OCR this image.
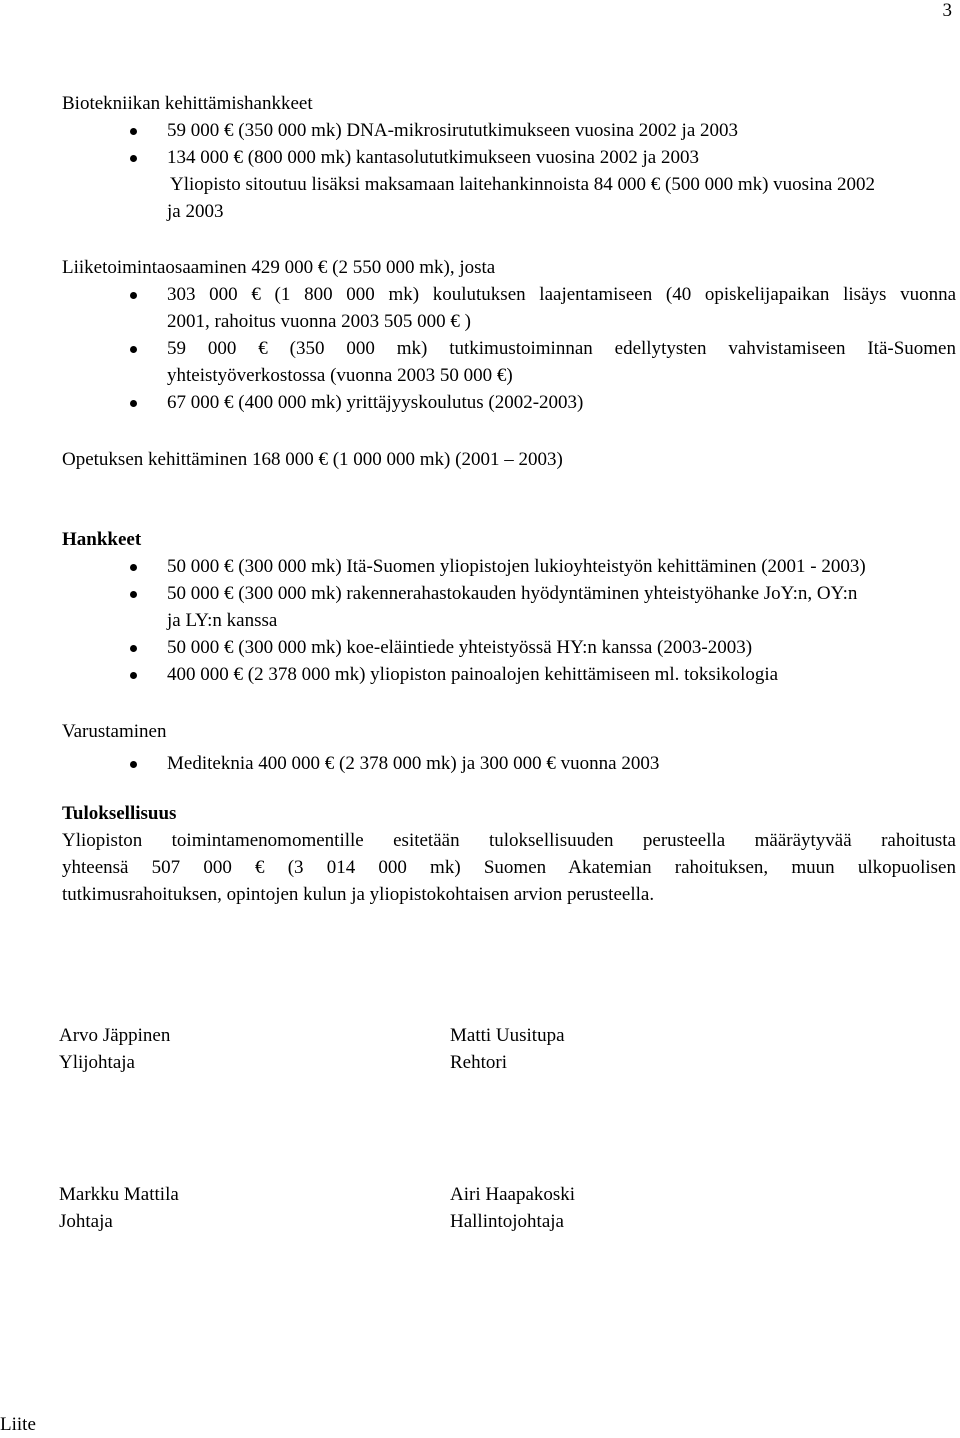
3
Biotekniikan kehittämishankkeet
59 000 € (350 000 mk) DNA-mikrosirututkimukseen vuosina 2002 ja 2003
134 000 € (800 000 mk) kantasolututkimukseen vuosina 2002 ja 2003
Yliopisto sitoutuu lisäksi maksamaan laitehankinnoista 84 000 € (500 000 mk) vuosina 2002
ja 2003
Liiketoimintaosaaminen 429 000 € (2 550 000 mk), josta
303 000 € (1 800 000 mk) koulutuksen laajentamiseen (40 opiskelijapaikan lisäys vuonna
2001, rahoitus vuonna 2003 505 000 € )
59 000 € (350 000 mk) tutkimustoiminnan edellytysten vahvistamiseen Itä-Suomen
yhteistyöverkostossa (vuonna 2003 50 000 €)
67 000 € (400 000 mk) yrittäjyyskoulutus (2002-2003)
Opetuksen kehittäminen 168 000 € (1 000 000 mk) (2001 – 2003)
Hankkeet
50 000 € (300 000 mk) Itä-Suomen yliopistojen lukioyhteistyön kehittäminen (2001 - 2003)
50 000 € (300 000 mk) rakennerahastokauden hyödyntäminen yhteistyöhanke JoY:n, OY:n
ja LY:n kanssa
50 000 € (300 000 mk) koe-eläintiede yhteistyössä HY:n kanssa (2003-2003)
400 000 € (2 378 000 mk) yliopiston painoalojen kehittämiseen ml. toksikologia
Varustaminen
Mediteknia 400 000 € (2 378 000 mk) ja 300 000 € vuonna 2003
Tuloksellisuus
Yliopiston toimintamenomomentille esitetään tuloksellisuuden perusteella määräytyvää rahoitusta
yhteensä 507 000 € (3 014 000 mk) Suomen Akatemian rahoituksen, muun ulkopuolisen
tutkimusrahoituksen, opintojen kulun ja yliopistokohtaisen arvion perusteella.
Arvo Jäppinen
Ylijohtaja
Matti Uusitupa
Rehtori
Markku Mattila
Johtaja
Airi Haapakoski
Hallintojohtaja
Liite
